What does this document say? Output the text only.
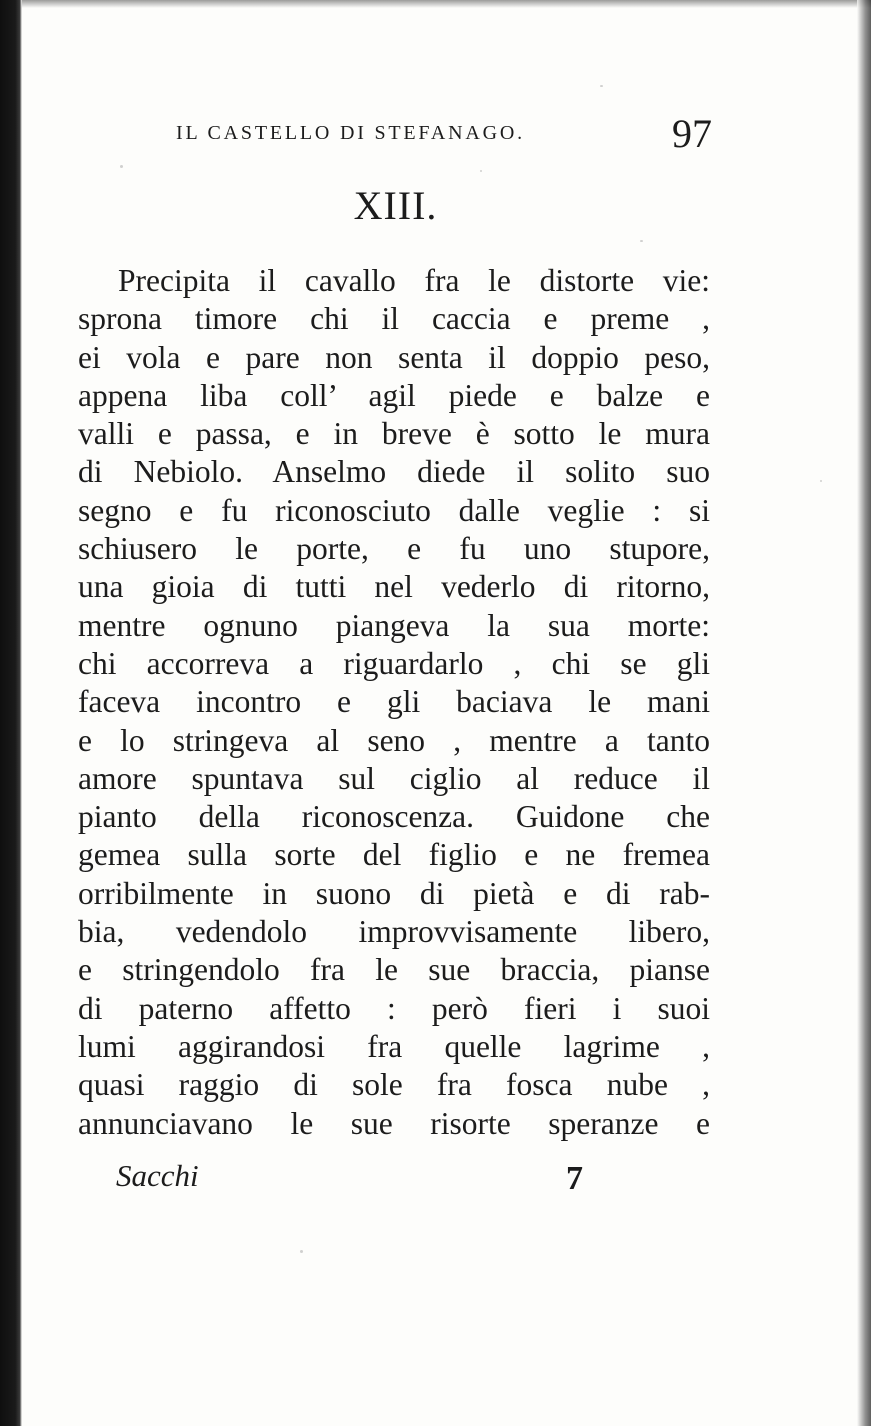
IL CASTELLO DI STEFANAGO.	97
XIII.
Precipita il cavallo fra le distorte vie:
sprona timore chi il caccia e preme ,
ei vola e pare non senta il doppio peso,
appena liba coll’ agil piede e balze e
valli e passa, e in breve è sotto le mura
di Nebiolo. Anselmo diede il solito suo
segno e fu riconosciuto dalle veglie : si
schiusero le porte, e fu uno stupore,
una gioia di tutti nel vederlo di ritorno,
mentre ognuno piangeva la sua morte:
chi accorreva a riguardarlo , chi se gli
faceva incontro e gli baciava le mani
e lo stringeva al seno , mentre a tanto
amore spuntava sul ciglio al reduce il
pianto della riconoscenza. Guidone che
gemea sulla sorte del figlio e ne fremea
orribilmente in suono di pietà e di rab-
bia, vedendolo improvvisamente libero,
e stringendolo fra le sue braccia, pianse
di paterno affetto : però fieri i suoi
lumi aggirandosi fra quelle lagrime ,
quasi raggio di sole fra fosca nube ,
annunciavano le sue risorte speranze e
Sacchi	7
